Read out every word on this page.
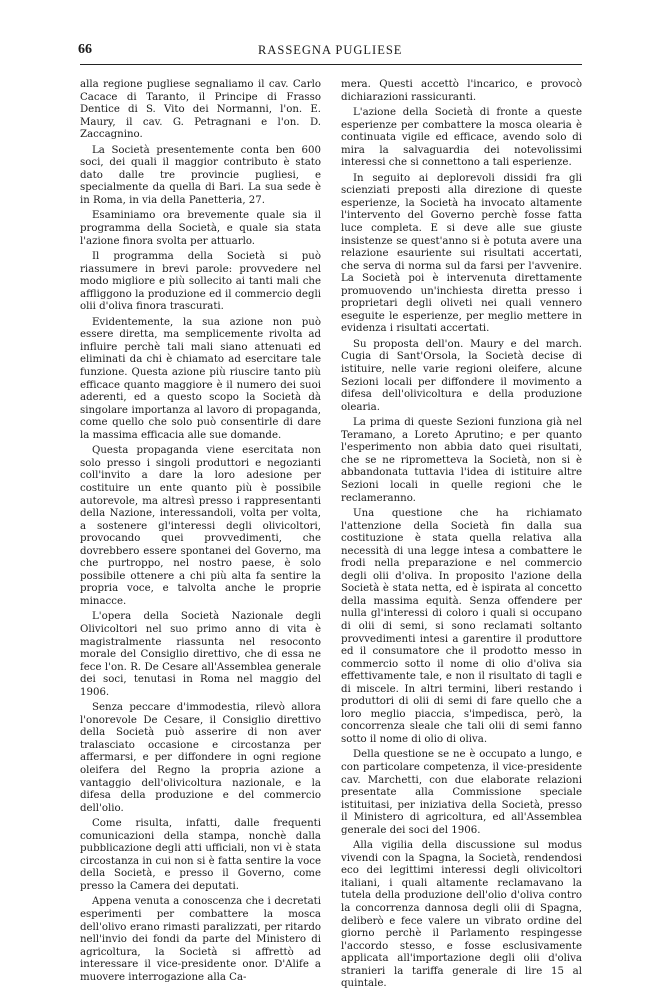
66	RASSEGNA PUGLIESE

alla regione pugliese segnaliamo il cav. Carlo Cacace di Taranto, il Principe di Frasso Dentice di S. Vito dei Normanni, l'on. E. Maury, il cav. G. Petragnani e l'on. D. Zaccagnino.

La Società presentemente conta ben 600 soci, dei quali il maggior contributo è stato dato dalle tre provincie pugliesi, e specialmente da quella di Bari. La sua sede è in Roma, in via della Panetteria, 27.

Esaminiamo ora brevemente quale sia il programma della Società, e quale sia stata l'azione finora svolta per attuarlo.

Il programma della Società si può riassumere in brevi parole: provvedere nel modo migliore e più sollecito ai tanti mali che affliggono la produzione ed il commercio degli olii d'oliva finora trascurati.

Evidentemente, la sua azione non può essere diretta, ma semplicemente rivolta ad influire perchè tali mali siano attenuati ed eliminati da chi è chiamato ad esercitare tale funzione. Questa azione più riuscire tanto più efficace quanto maggiore è il numero dei suoi aderenti, ed a questo scopo la Società dà singolare importanza al lavoro di propaganda, come quello che solo può consentirle di dare la massima efficacia alle sue domande.

Questa propaganda viene esercitata non solo presso i singoli produttori e negozianti coll'invito a dare la loro adesione per costituire un ente quanto più è possibile autorevole, ma altresì presso i rappresentanti della Nazione, interessandoli, volta per volta, a sostenere gl'interessi degli olivicoltori, provocando quei provvedimenti, che dovrebbero essere spontanei del Governo, ma che purtroppo, nel nostro paese, è solo possibile ottenere a chi più alta fa sentire la propria voce, e talvolta anche le proprie minacce.

L'opera della Società Nazionale degli Olivicoltori nel suo primo anno di vita è magistralmente riassunta nel resoconto morale del Consiglio direttivo, che di essa ne fece l'on. R. De Cesare all'Assemblea generale dei soci, tenutasi in Roma nel maggio del 1906.

Senza peccare d'immodestia, rilevò allora l'onorevole De Cesare, il Consiglio direttivo della Società può asserire di non aver tralasciato occasione e circostanza per affermarsi, e per diffondere in ogni regione oleifera del Regno la propria azione a vantaggio dell'olivicoltura nazionale, e la difesa della produzione e del commercio dell'olio.

Come risulta, infatti, dalle frequenti comunicazioni della stampa, nonchè dalla pubblicazione degli atti ufficiali, non vi è stata circostanza in cui non si è fatta sentire la voce della Società, e presso il Governo, come presso la Camera dei deputati.

Appena venuta a conoscenza che i decretati esperimenti per combattere la mosca dell'olivo erano rimasti paralizzati, per ritardo nell'invio dei fondi da parte del Ministero di agricoltura, la Società si affrettò ad interessare il vice-presidente onor. D'Alife a muovere interrogazione alla Ca-

mera. Questi accettò l'incarico, e provocò dichiarazioni rassicuranti.

L'azione della Società di fronte a queste esperienze per combattere la mosca olearia è continuata vigile ed efficace, avendo solo di mira la salvaguardia dei notevolissimi interessi che si connettono a tali esperienze.

In seguito ai deplorevoli dissidi fra gli scienziati preposti alla direzione di queste esperienze, la Società ha invocato altamente l'intervento del Governo perchè fosse fatta luce completa. E si deve alle sue giuste insistenze se quest'anno si è potuta avere una relazione esauriente sui risultati accertati, che serva di norma sul da farsi per l'avvenire. La Società poi è intervenuta direttamente promuovendo un'inchiesta diretta presso i proprietari degli oliveti nei quali vennero eseguite le esperienze, per meglio mettere in evidenza i risultati accertati.

Su proposta dell'on. Maury e del march. Cugia di Sant'Orsola, la Società decise di istituire, nelle varie regioni oleifere, alcune Sezioni locali per diffondere il movimento a difesa dell'olivicoltura e della produzione olearia.

La prima di queste Sezioni funziona già nel Teramano, a Loreto Aprutino; e per quanto l'esperimento non abbia dato quei risultati, che se ne ripromettevа la Società, non si è abbandonata tuttavia l'idea di istituire altre Sezioni locali in quelle regioni che le reclameranno.

Una questione che ha richiamato l'attenzione della Società fin dalla sua costituzione è stata quella relativa alla necessità di una legge intesa a combattere le frodi nella preparazione e nel commercio degli olii d'oliva. In proposito l'azione della Società è stata netta, ed è ispirata al concetto della massima equità. Senza offendere per nulla gl'interessi di coloro i quali si occupano di olii di semi, si sono reclamati soltanto provvedimenti intesi a garentire il produttore ed il consumatore che il prodotto messo in commercio sotto il nome di olio d'oliva sia effettivamente tale, e non il risultato di tagli e di miscele. In altri termini, liberi restando i produttori di olii di semi di fare quello che a loro meglio piaccia, s'impedisca, però, la concorrenza sleale che tali olii di semi fanno sotto il nome di olio di oliva.

Della questione se ne è occupato a lungo, e con particolare competenza, il vice-presidente cav. Marchetti, con due elaborate relazioni presentate alla Commissione speciale istituitasi, per iniziativa della Società, presso il Ministero di agricoltura, ed all'Assemblea generale dei soci del 1906.

Alla vigilia della discussione sul modus vivendi con la Spagna, la Società, rendendosi eco dei legittimi interessi degli olivicoltori italiani, i quali altamente reclamavano la tutela della produzione dell'olio d'oliva contro la concorrenza dannosa degli olii di Spagna, deliberò e fece valere un vibrato ordine del giorno perchè il Parlamento respingesse l'accordo stesso, e fosse esclusivamente applicata all'importazione degli olii d'oliva stranieri la tariffa generale di lire 15 al quintale.
